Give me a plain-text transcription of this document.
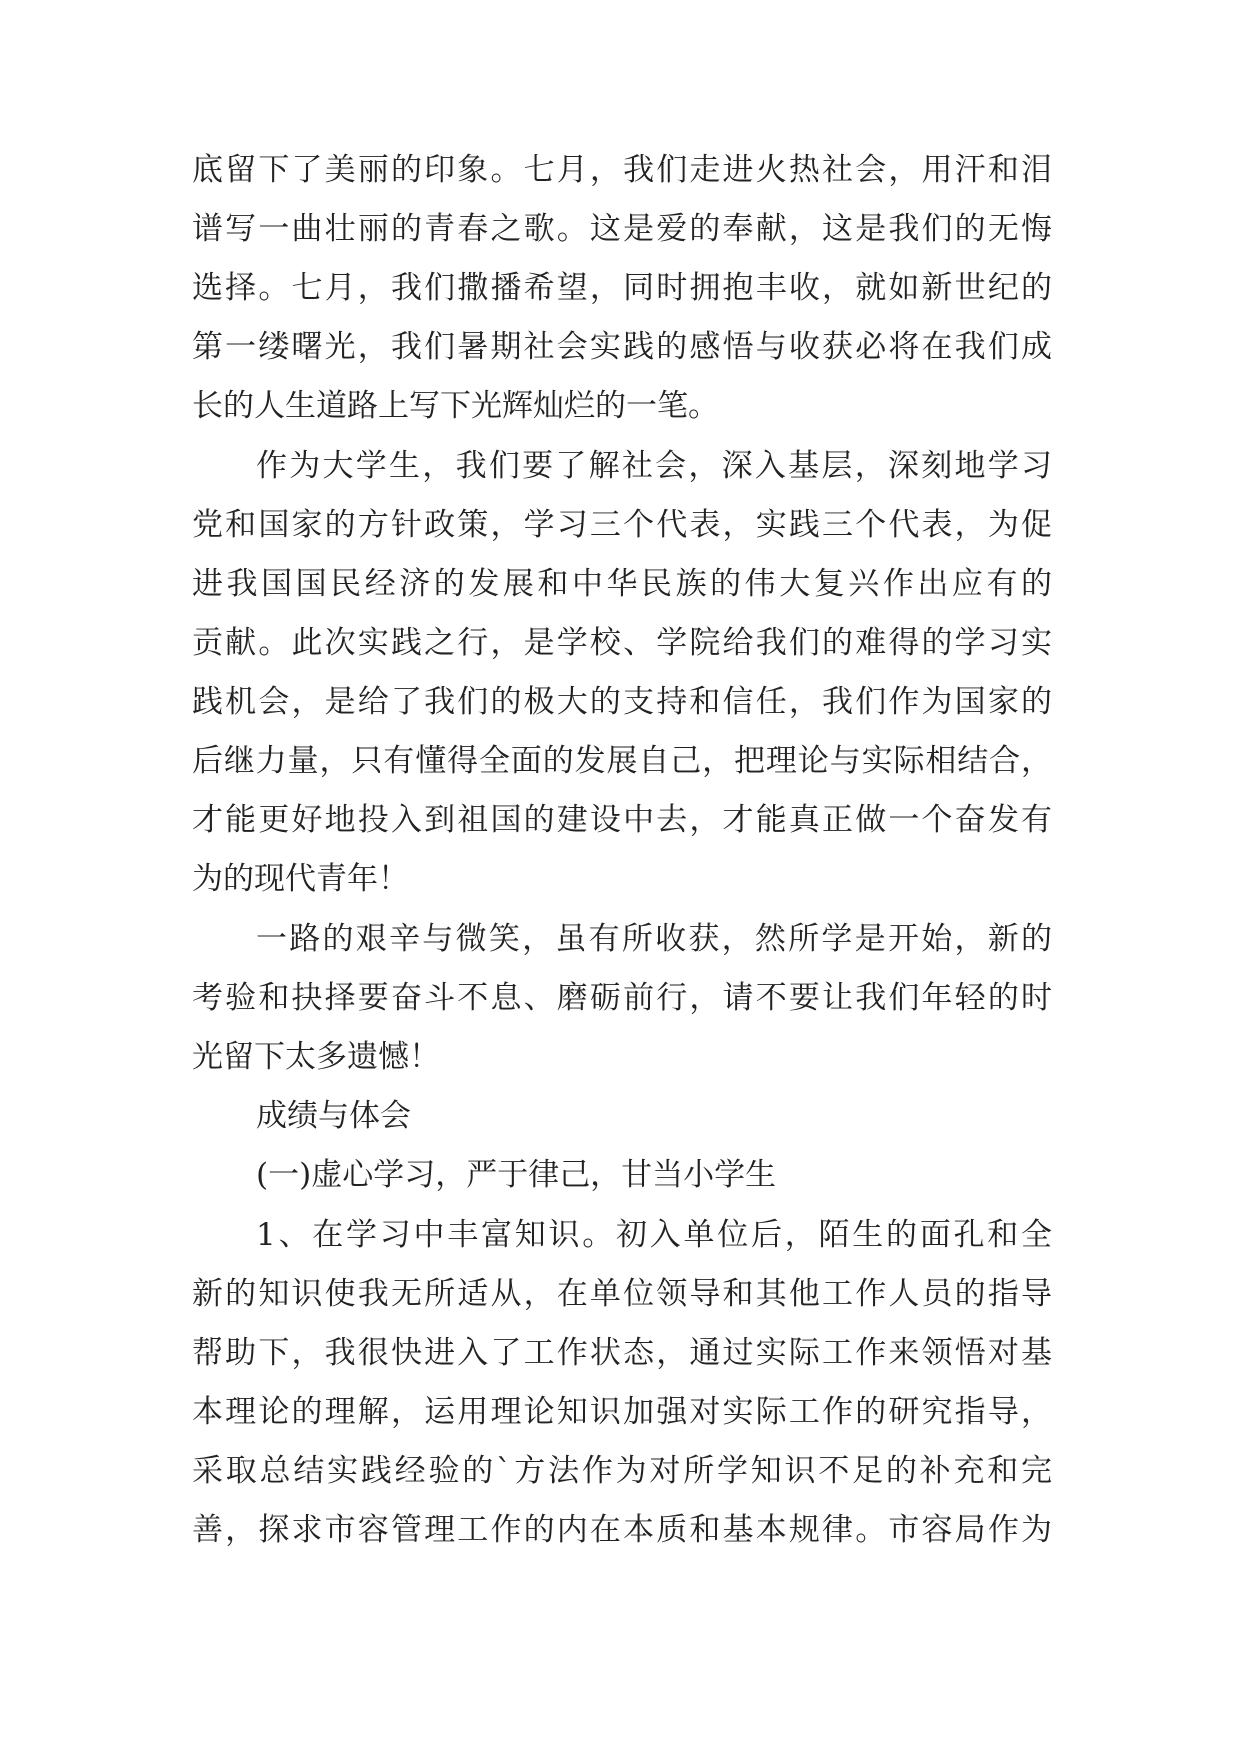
底留下了美丽的印象。七月，我们走进火热社会，用汗和泪
谱写一曲壮丽的青春之歌。这是爱的奉献，这是我们的无悔
选择。七月，我们撒播希望，同时拥抱丰收，就如新世纪的
第一缕曙光，我们暑期社会实践的感悟与收获必将在我们成
长的人生道路上写下光辉灿烂的一笔。
作为大学生，我们要了解社会，深入基层，深刻地学习
党和国家的方针政策，学习三个代表，实践三个代表，为促
进我国国民经济的发展和中华民族的伟大复兴作出应有的
贡献。此次实践之行，是学校、学院给我们的难得的学习实
践机会，是给了我们的极大的支持和信任，我们作为国家的
后继力量，只有懂得全面的发展自己，把理论与实际相结合，
才能更好地投入到祖国的建设中去，才能真正做一个奋发有
为的现代青年！
一路的艰辛与微笑，虽有所收获，然所学是开始，新的
考验和抉择要奋斗不息、磨砺前行，请不要让我们年轻的时
光留下太多遗憾！
成绩与体会
(一)虚心学习，严于律己，甘当小学生
1、在学习中丰富知识。初入单位后，陌生的面孔和全
新的知识使我无所适从，在单位领导和其他工作人员的指导
帮助下，我很快进入了工作状态，通过实际工作来领悟对基
本理论的理解，运用理论知识加强对实际工作的研究指导，
采取总结实践经验的`方法作为对所学知识不足的补充和完
善，探求市容管理工作的内在本质和基本规律。市容局作为
